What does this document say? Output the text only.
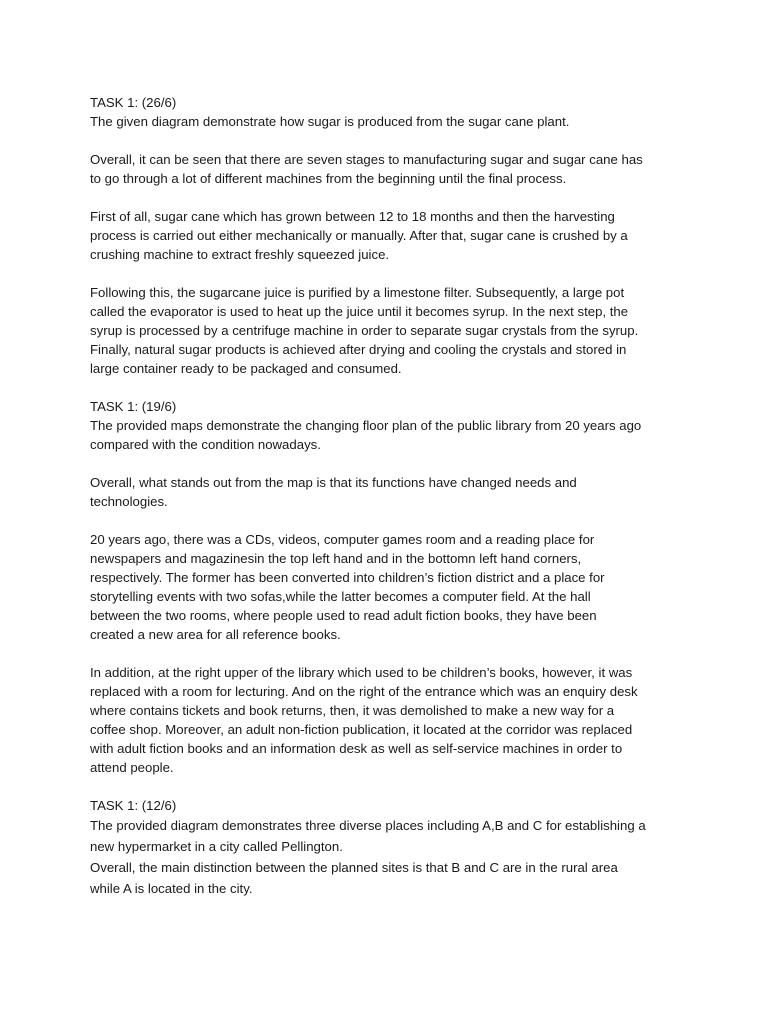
TASK 1: (26/6)
The given diagram demonstrate how sugar is produced from the sugar cane plant.
Overall, it can be seen that there are seven stages to manufacturing sugar and sugar cane has
to go through a lot of different machines from the beginning until the final process.
First of all, sugar cane which has grown between 12 to 18 months and then the harvesting
process is carried out either mechanically or manually. After that, sugar cane is crushed by a
crushing machine to extract freshly squeezed juice.
Following this, the sugarcane juice is purified by a limestone filter. Subsequently, a large pot
called the evaporator is used to heat up the juice until it becomes syrup. In the next step, the
syrup is processed by a centrifuge machine in order to separate sugar crystals from the syrup.
Finally, natural sugar products is achieved after drying and cooling the crystals and stored in
large container ready to be packaged and consumed.
TASK 1: (19/6)
The provided maps demonstrate the changing floor plan of the public library from 20 years ago
compared with the condition nowadays.
Overall, what stands out from the map is that its functions have changed needs and
technologies.
20 years ago, there was a CDs, videos, computer games room and a reading place for
newspapers and magazinesin the top left hand and in the bottomn left hand corners,
respectively. The former has been converted into children’s fiction district and a place for
storytelling events with two sofas,while the latter becomes a computer field. At the hall
between the two rooms, where people used to read adult fiction books, they have been
created a new area for all reference books.
In addition, at the right upper of the library which used to be children’s books, however, it was
replaced with a room for lecturing. And on the right of the entrance which was an enquiry desk
where contains tickets and book returns, then, it was demolished to make a new way for a
coffee shop. Moreover, an adult non-fiction publication, it located at the corridor was replaced
with adult fiction books and an information desk as well as self-service machines in order to
attend people.
TASK 1: (12/6)
The provided diagram demonstrates three diverse places including A,B and C for establishing a
new hypermarket in a city called Pellington.
Overall, the main distinction between the planned sites is that B and C are in the rural area
while A is located in the city.
